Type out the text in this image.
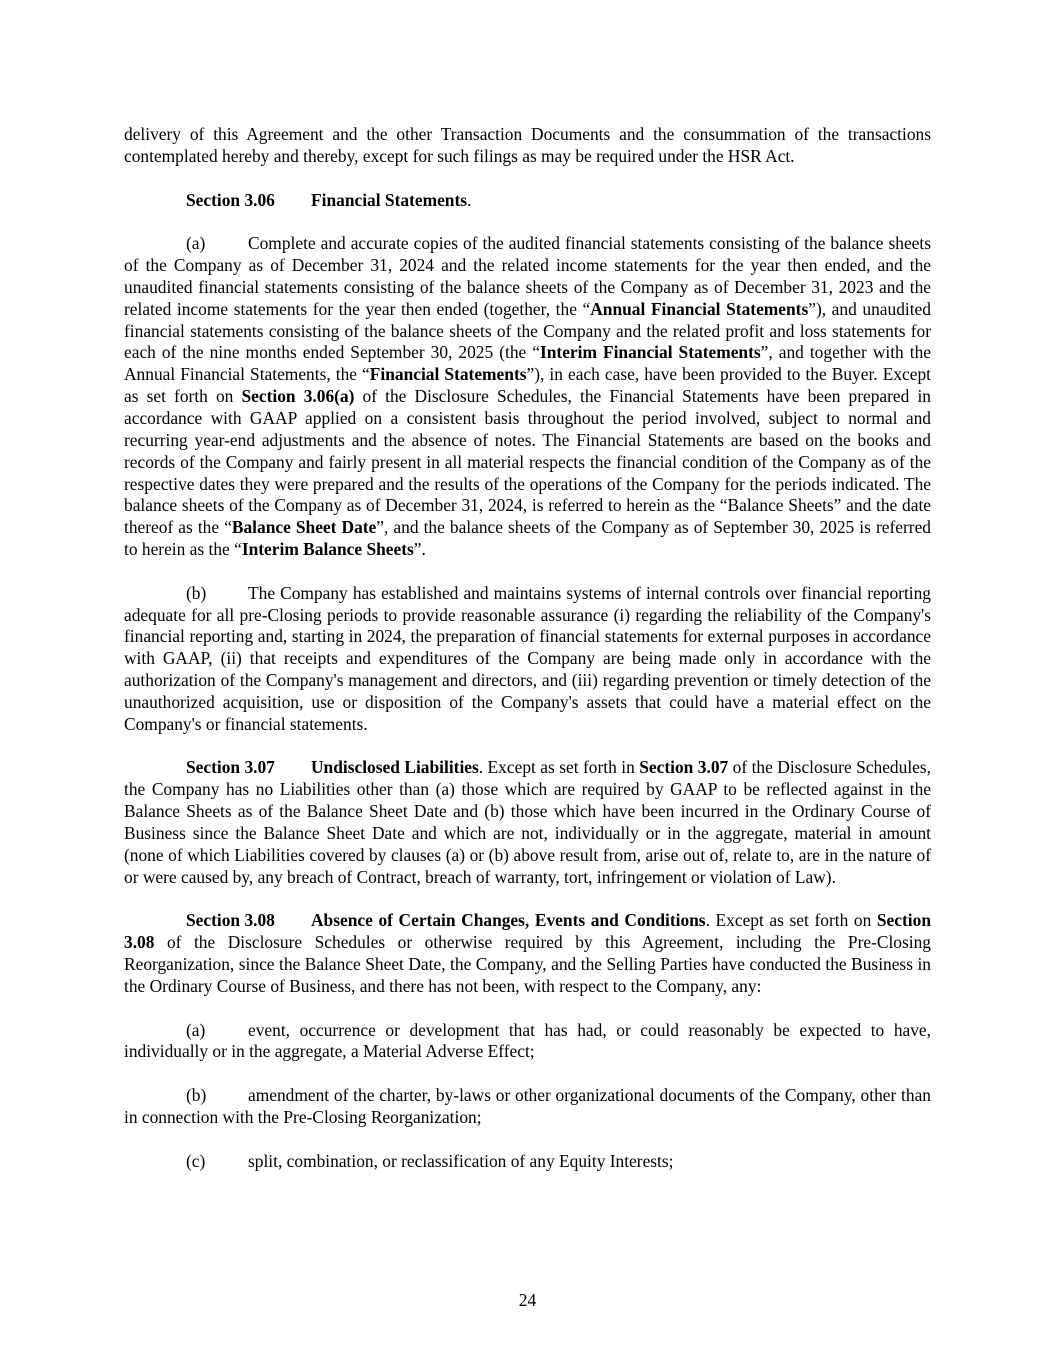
delivery of this Agreement and the other Transaction Documents and the consummation of the transactions contemplated hereby and thereby, except for such filings as may be required under the HSR Act.

Section 3.06 Financial Statements.

(a) Complete and accurate copies of the audited financial statements consisting of the balance sheets of the Company as of December 31, 2024 and the related income statements for the year then ended, and the unaudited financial statements consisting of the balance sheets of the Company as of December 31, 2023 and the related income statements for the year then ended (together, the “Annual Financial Statements”), and unaudited financial statements consisting of the balance sheets of the Company and the related profit and loss statements for each of the nine months ended September 30, 2025 (the “Interim Financial Statements”, and together with the Annual Financial Statements, the “Financial Statements”), in each case, have been provided to the Buyer. Except as set forth on Section 3.06(a) of the Disclosure Schedules, the Financial Statements have been prepared in accordance with GAAP applied on a consistent basis throughout the period involved, subject to normal and recurring year-end adjustments and the absence of notes. The Financial Statements are based on the books and records of the Company and fairly present in all material respects the financial condition of the Company as of the respective dates they were prepared and the results of the operations of the Company for the periods indicated. The balance sheets of the Company as of December 31, 2024, is referred to herein as the “Balance Sheets” and the date thereof as the “Balance Sheet Date”, and the balance sheets of the Company as of September 30, 2025 is referred to herein as the “Interim Balance Sheets”.

(b) The Company has established and maintains systems of internal controls over financial reporting adequate for all pre-Closing periods to provide reasonable assurance (i) regarding the reliability of the Company's financial reporting and, starting in 2024, the preparation of financial statements for external purposes in accordance with GAAP, (ii) that receipts and expenditures of the Company are being made only in accordance with the authorization of the Company's management and directors, and (iii) regarding prevention or timely detection of the unauthorized acquisition, use or disposition of the Company's assets that could have a material effect on the Company's or financial statements.

Section 3.07 Undisclosed Liabilities. Except as set forth in Section 3.07 of the Disclosure Schedules, the Company has no Liabilities other than (a) those which are required by GAAP to be reflected against in the Balance Sheets as of the Balance Sheet Date and (b) those which have been incurred in the Ordinary Course of Business since the Balance Sheet Date and which are not, individually or in the aggregate, material in amount (none of which Liabilities covered by clauses (a) or (b) above result from, arise out of, relate to, are in the nature of or were caused by, any breach of Contract, breach of warranty, tort, infringement or violation of Law).

Section 3.08 Absence of Certain Changes, Events and Conditions. Except as set forth on Section 3.08 of the Disclosure Schedules or otherwise required by this Agreement, including the Pre-Closing Reorganization, since the Balance Sheet Date, the Company, and the Selling Parties have conducted the Business in the Ordinary Course of Business, and there has not been, with respect to the Company, any:

(a) event, occurrence or development that has had, or could reasonably be expected to have, individually or in the aggregate, a Material Adverse Effect;

(b) amendment of the charter, by-laws or other organizational documents of the Company, other than in connection with the Pre-Closing Reorganization;

(c) split, combination, or reclassification of any Equity Interests;

24
